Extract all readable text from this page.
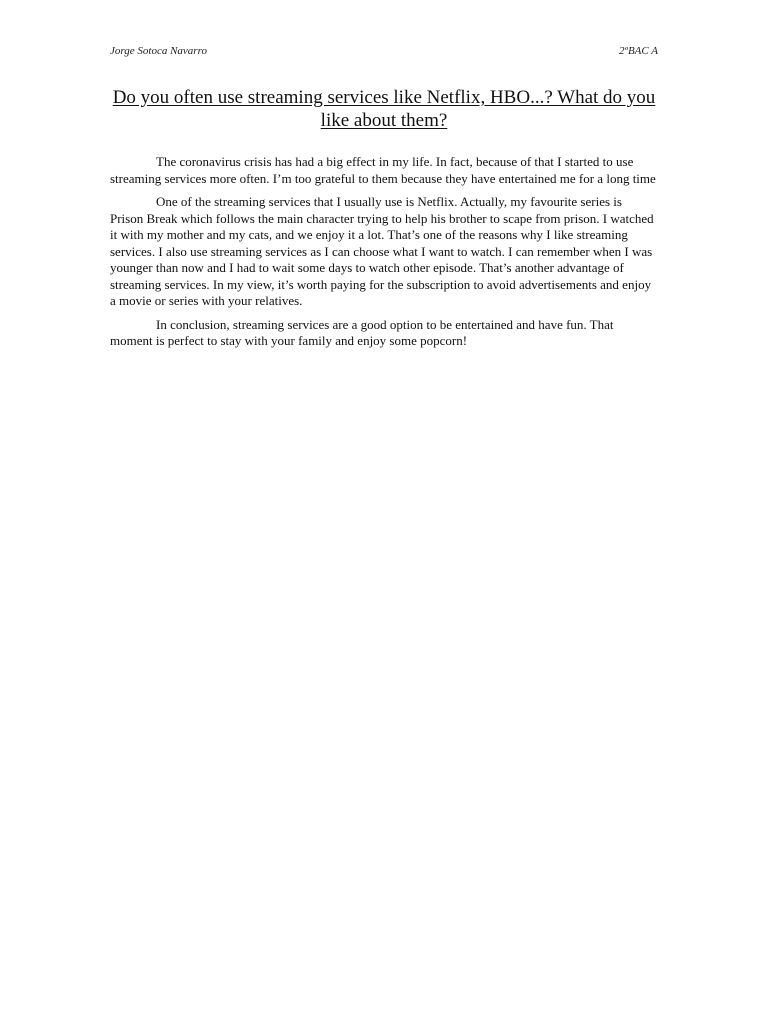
Jorge Sotoca Navarro	2ºBAC A
Do you often use streaming services like Netflix, HBO...? What do you like about them?

The coronavirus crisis has had a big effect in my life. In fact, because of that I started to use streaming services more often. I’m too grateful to them because they have entertained me for a long time

One of the streaming services that I usually use is Netflix. Actually, my favourite series is Prison Break which follows the main character trying to help his brother to scape from prison. I watched it with my mother and my cats, and we enjoy it a lot. That’s one of the reasons why I like streaming services. I also use streaming services as I can choose what I want to watch. I can remember when I was younger than now and I had to wait some days to watch other episode. That’s another advantage of streaming services. In my view, it’s worth paying for the subscription to avoid advertisements and enjoy a movie or series with your relatives.

In conclusion, streaming services are a good option to be entertained and have fun. That moment is perfect to stay with your family and enjoy some popcorn!
